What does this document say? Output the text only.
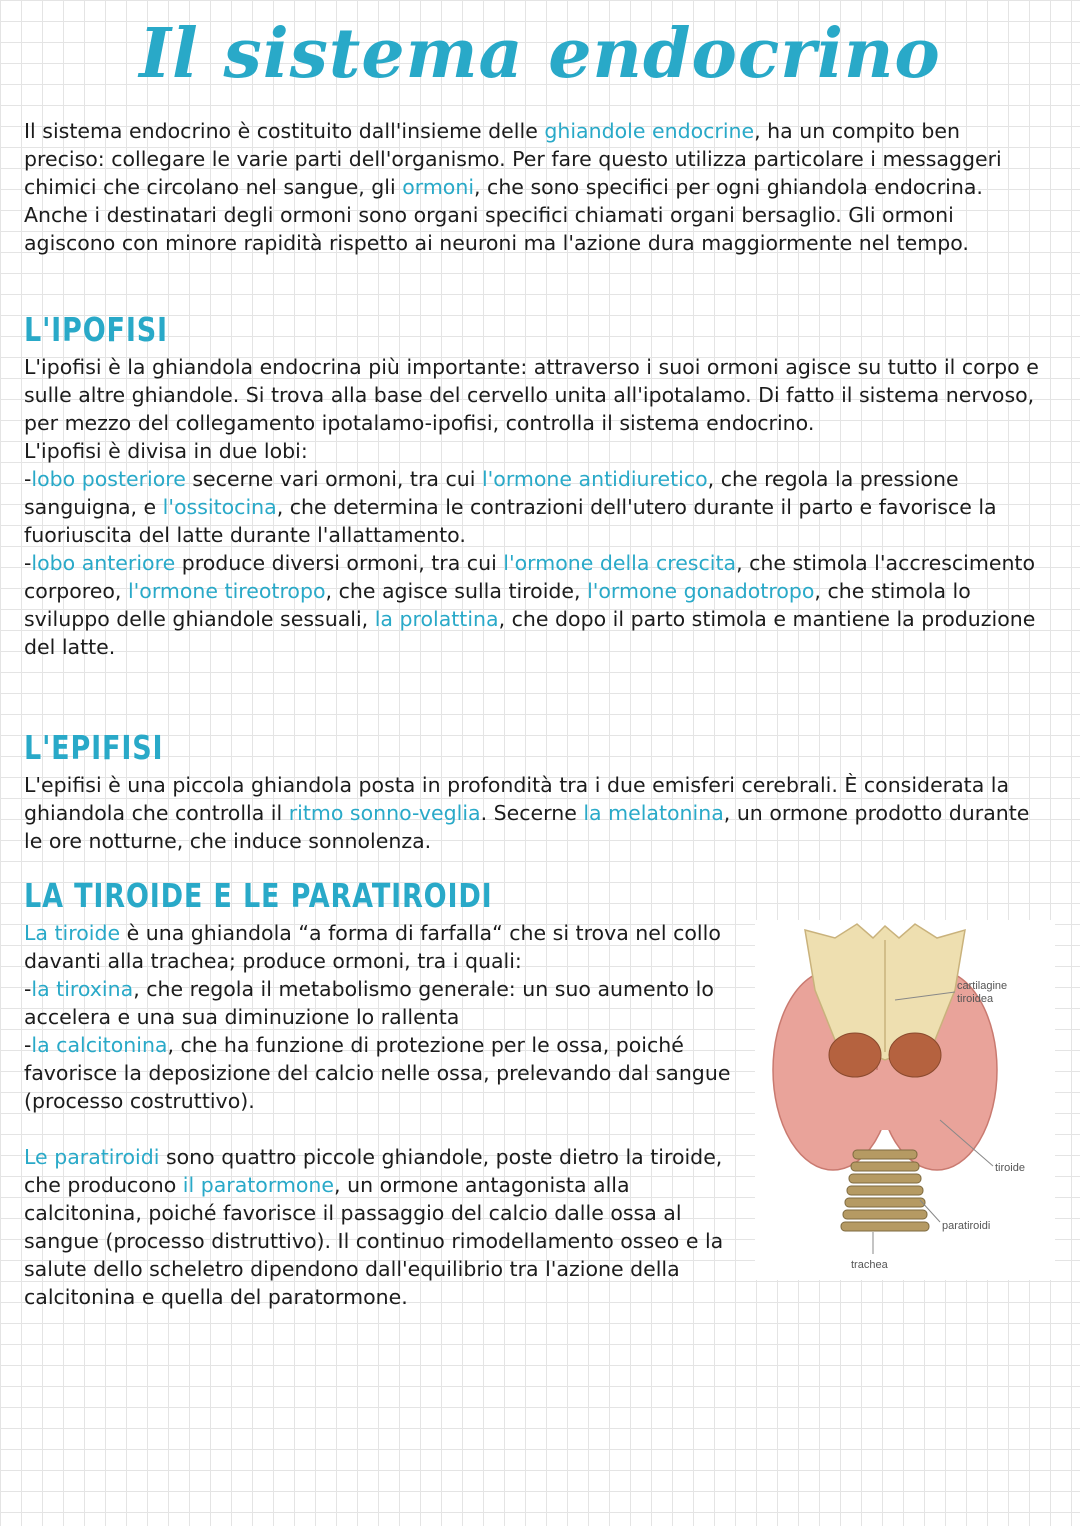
Il sistema endocrino

Il sistema endocrino è costituito dall'insieme delle ghiandole endocrine, ha un compito ben preciso: collegare le varie parti dell'organismo. Per fare questo utilizza particolare i messaggeri chimici che circolano nel sangue, gli ormoni, che sono specifici per ogni ghiandola endocrina. Anche i destinatari degli ormoni sono organi specifici chiamati organi bersaglio. Gli ormoni agiscono con minore rapidità rispetto ai neuroni ma l'azione dura maggiormente nel tempo.

L'IPOFISI

L'ipofisi è la ghiandola endocrina più importante: attraverso i suoi ormoni agisce su tutto il corpo e sulle altre ghiandole. Si trova alla base del cervello unita all'ipotalamo. Di fatto il sistema nervoso, per mezzo del collegamento ipotalamo-ipofisi, controlla il sistema endocrino.

L'ipofisi è divisa in due lobi:

-lobo posteriore secerne vari ormoni, tra cui l'ormone antidiuretico, che regola la pressione sanguigna, e l'ossitocina, che determina le contrazioni dell'utero durante il parto e favorisce la fuoriuscita del latte durante l'allattamento.

-lobo anteriore produce diversi ormoni, tra cui l'ormone della crescita, che stimola l'accrescimento corporeo, l'ormone tireotropo, che agisce sulla tiroide, l'ormone gonadotropo, che stimola lo sviluppo delle ghiandole sessuali, la prolattina, che dopo il parto stimola e mantiene la produzione del latte.

L'EPIFISI

L'epifisi è una piccola ghiandola posta in profondità tra i due emisferi cerebrali. È considerata la ghiandola che controlla il ritmo sonno-veglia. Secerne la melatonina, un ormone prodotto durante le ore notturne, che induce sonnolenza.

LA TIROIDE E LE PARATIROIDI

La tiroide è una ghiandola “a forma di farfalla“ che si trova nel collo davanti alla trachea; produce ormoni, tra i quali:

-la tiroxina, che regola il metabolismo generale: un suo aumento lo accelera e una sua diminuzione lo rallenta

-la calcitonina, che ha funzione di protezione per le ossa, poiché favorisce la deposizione del calcio nelle ossa, prelevando dal sangue (processo costruttivo).

Le paratiroidi sono quattro piccole ghiandole, poste dietro la tiroide, che producono il paratormone, un ormone antagonista alla calcitonina, poiché favorisce il passaggio del calcio dalle ossa al sangue (processo distruttivo). Il continuo rimodellamento osseo e la salute dello scheletro dipendono dall'equilibrio tra l'azione della calcitonina e quella del paratormone.

cartilagine
tiroidea
tiroide
paratiroidi
trachea
